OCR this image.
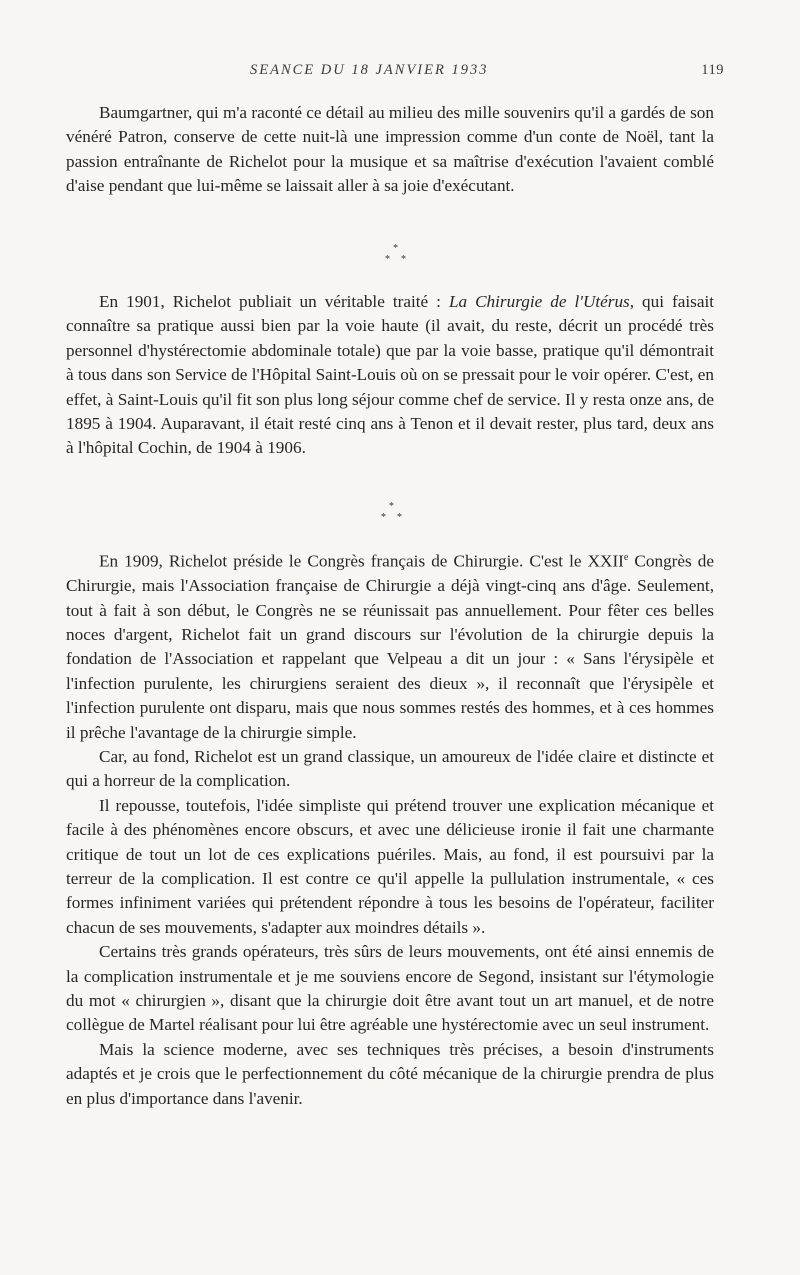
SEANCE DU 18 JANVIER 1933	119

Baumgartner, qui m'a raconté ce détail au milieu des mille souvenirs qu'il a gardés de son vénéré Patron, conserve de cette nuit-là une impression comme d'un conte de Noël, tant la passion entraînante de Richelot pour la musique et sa maîtrise d'exécution l'avaient comblé d'aise pendant que lui-même se laissait aller à sa joie d'exécutant.

*
* *

En 1901, Richelot publiait un véritable traité : La Chirurgie de l'Utérus, qui faisait connaître sa pratique aussi bien par la voie haute (il avait, du reste, décrit un procédé très personnel d'hystérectomie abdominale totale) que par la voie basse, pratique qu'il démontrait à tous dans son Service de l'Hôpital Saint-Louis où on se pressait pour le voir opérer. C'est, en effet, à Saint-Louis qu'il fit son plus long séjour comme chef de service. Il y resta onze ans, de 1895 à 1904. Auparavant, il était resté cinq ans à Tenon et il devait rester, plus tard, deux ans à l'hôpital Cochin, de 1904 à 1906.

*
* *

En 1909, Richelot préside le Congrès français de Chirurgie. C'est le XXIIe Congrès de Chirurgie, mais l'Association française de Chirurgie a déjà vingt-cinq ans d'âge. Seulement, tout à fait à son début, le Congrès ne se réunissait pas annuellement. Pour fêter ces belles noces d'argent, Richelot fait un grand discours sur l'évolution de la chirurgie depuis la fondation de l'Association et rappelant que Velpeau a dit un jour : « Sans l'érysipèle et l'infection purulente, les chirurgiens seraient des dieux », il reconnaît que l'érysipèle et l'infection purulente ont disparu, mais que nous sommes restés des hommes, et à ces hommes il prêche l'avantage de la chirurgie simple.

Car, au fond, Richelot est un grand classique, un amoureux de l'idée claire et distincte et qui a horreur de la complication.

Il repousse, toutefois, l'idée simpliste qui prétend trouver une explication mécanique et facile à des phénomènes encore obscurs, et avec une délicieuse ironie il fait une charmante critique de tout un lot de ces explications puériles. Mais, au fond, il est poursuivi par la terreur de la complication. Il est contre ce qu'il appelle la pullulation instrumentale, « ces formes infiniment variées qui prétendent répondre à tous les besoins de l'opérateur, faciliter chacun de ses mouvements, s'adapter aux moindres détails ».

Certains très grands opérateurs, très sûrs de leurs mouvements, ont été ainsi ennemis de la complication instrumentale et je me souviens encore de Segond, insistant sur l'étymologie du mot « chirurgien », disant que la chirurgie doit être avant tout un art manuel, et de notre collègue de Martel réalisant pour lui être agréable une hystérectomie avec un seul instrument.

Mais la science moderne, avec ses techniques très précises, a besoin d'instruments adaptés et je crois que le perfectionnement du côté mécanique de la chirurgie prendra de plus en plus d'importance dans l'avenir.
